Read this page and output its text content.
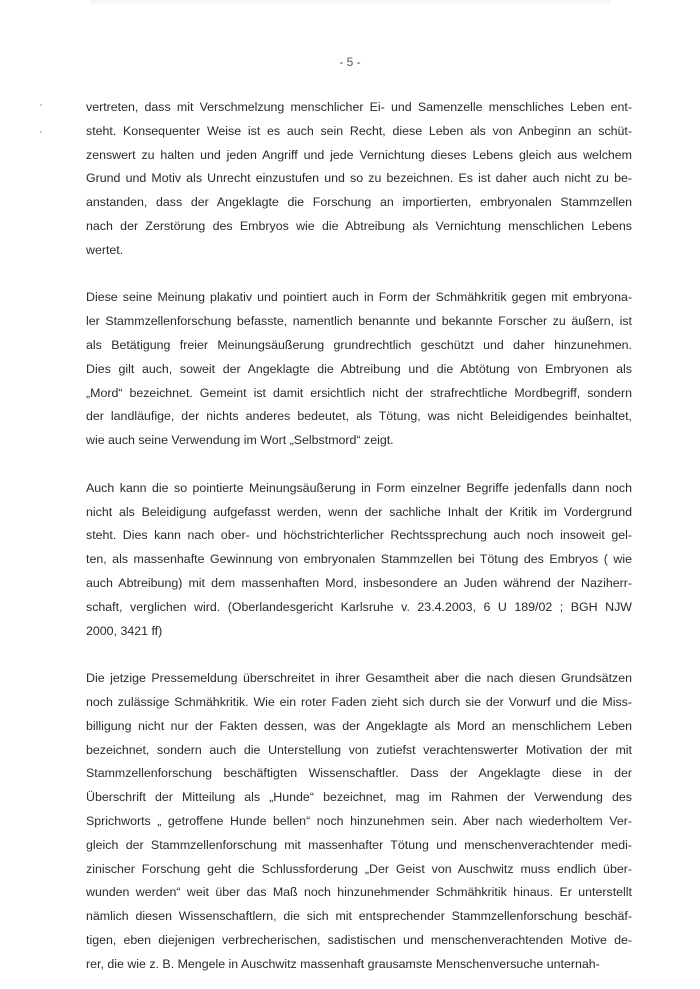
- 5 -
vertreten, dass mit Verschmelzung menschlicher Ei- und Samenzelle menschliches Leben ent-
steht. Konsequenter Weise ist es auch sein Recht, diese Leben als von Anbeginn an schüt-
zenswert zu halten und jeden Angriff und jede Vernichtung dieses Lebens gleich aus welchem
Grund und Motiv als Unrecht einzustufen und so zu bezeichnen. Es ist daher auch nicht zu be-
anstanden, dass der Angeklagte die Forschung an importierten, embryonalen Stammzellen
nach der Zerstörung des Embryos wie die Abtreibung als Vernichtung menschlichen Lebens
wertet.
Diese seine Meinung plakativ und pointiert auch in Form der Schmähkritik gegen mit embryona-
ler Stammzellenforschung befasste, namentlich benannte und bekannte Forscher zu äußern, ist
als Betätigung freier Meinungsäußerung grundrechtlich geschützt und daher hinzunehmen.
Dies gilt auch, soweit der Angeklagte die Abtreibung und die Abtötung von Embryonen als
„Mord“ bezeichnet. Gemeint ist damit ersichtlich nicht der strafrechtliche Mordbegriff, sondern
der landläufige, der nichts anderes bedeutet, als Tötung, was nicht Beleidigendes beinhaltet,
wie auch seine Verwendung im Wort „Selbstmord“ zeigt.
Auch kann die so pointierte Meinungsäußerung in Form einzelner Begriffe jedenfalls dann noch
nicht als Beleidigung aufgefasst werden, wenn der sachliche Inhalt der Kritik im Vordergrund
steht. Dies kann nach ober- und höchstrichterlicher Rechtssprechung auch noch insoweit gel-
ten, als massenhafte Gewinnung von embryonalen Stammzellen bei Tötung des Embryos ( wie
auch Abtreibung) mit dem massenhaften Mord, insbesondere an Juden während der Naziherr-
schaft, verglichen wird. (Oberlandesgericht Karlsruhe v. 23.4.2003, 6 U 189/02 ; BGH NJW
2000, 3421 ff)
Die jetzige Pressemeldung überschreitet in ihrer Gesamtheit aber die nach diesen Grundsätzen
noch zulässige Schmähkritik. Wie ein roter Faden zieht sich durch sie der Vorwurf und die Miss-
billigung nicht nur der Fakten dessen, was der Angeklagte als Mord an menschlichem Leben
bezeichnet, sondern auch die Unterstellung von zutiefst verachtenswerter Motivation der mit
Stammzellenforschung beschäftigten Wissenschaftler. Dass der Angeklagte diese in der
Überschrift der Mitteilung als „Hunde“ bezeichnet, mag im Rahmen der Verwendung des
Sprichworts „ getroffene Hunde bellen“ noch hinzunehmen sein. Aber nach wiederholtem Ver-
gleich der Stammzellenforschung mit massenhafter Tötung und menschenverachtender medi-
zinischer Forschung geht die Schlussforderung „Der Geist von Auschwitz muss endlich über-
wunden werden“ weit über das Maß noch hinzunehmender Schmähkritik hinaus. Er unterstellt
nämlich diesen Wissenschaftlern, die sich mit entsprechender Stammzellenforschung beschäf-
tigen, eben diejenigen verbrecherischen, sadistischen und menschenverachtenden Motive de-
rer, die wie z. B. Mengele in Auschwitz massenhaft grausamste Menschenversuche unternah-
